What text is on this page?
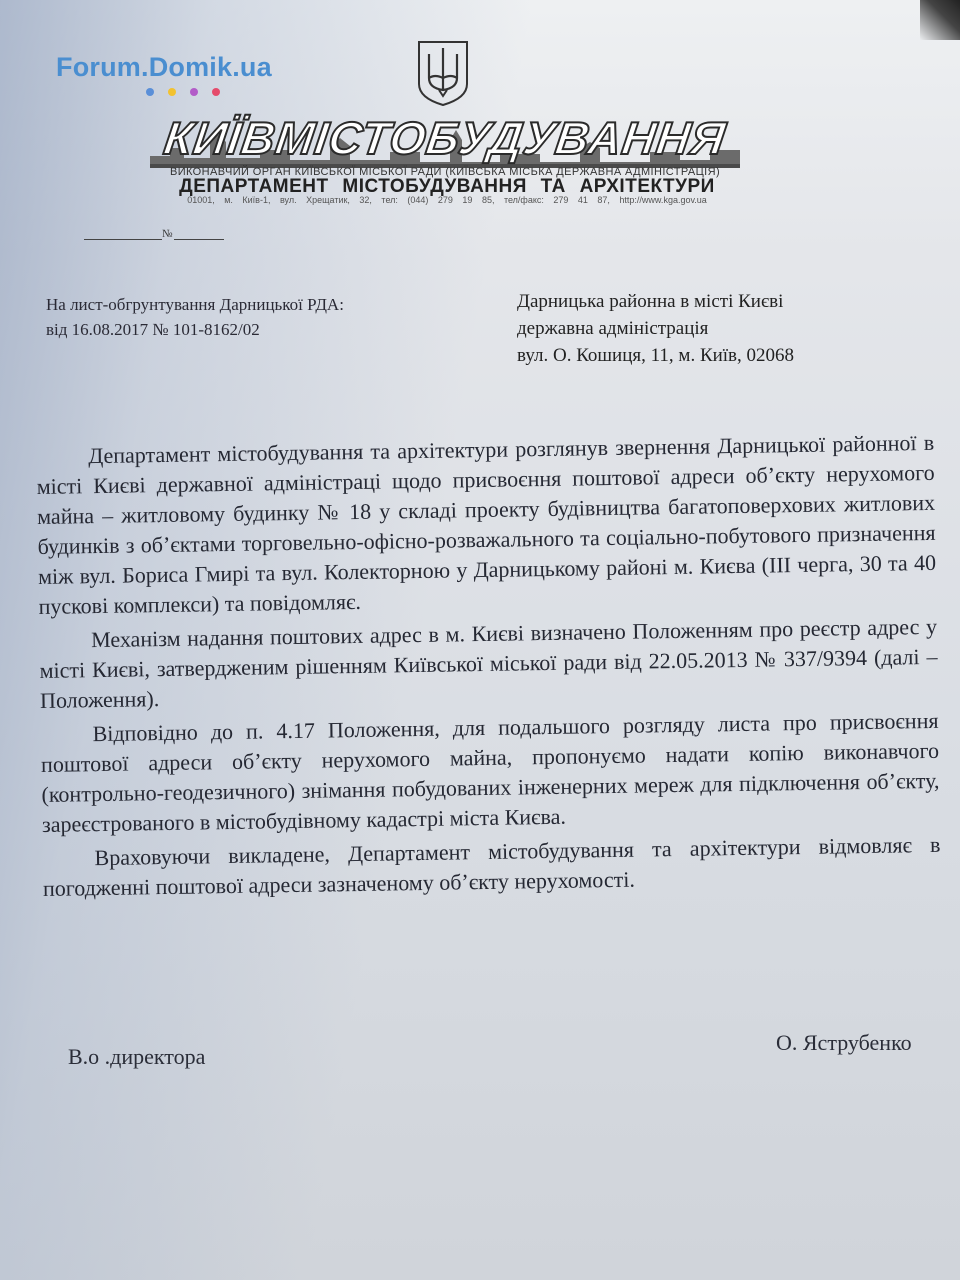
Forum.Domik.ua
КИЇВМІСТОБУДУВАННЯ
ВИКОНАВЧИЙ ОРГАН КИЇВСЬКОЇ МІСЬКОЇ РАДИ (КИЇВСЬКА МІСЬКА ДЕРЖАВНА АДМІНІСТРАЦІЯ)
ДЕПАРТАМЕНТ МІСТОБУДУВАННЯ ТА АРХІТЕКТУРИ
01001, м. Київ-1, вул. Хрещатик, 32, тел: (044) 279 19 85, тел/факс: 279 41 87, http://www.kga.gov.ua
№
На лист-обгрунтування Дарницької РДА:
від 16.08.2017 № 101-8162/02
Дарницька районна в місті Києві
державна адміністрація
вул. О. Кошиця, 11, м. Київ, 02068

Департамент містобудування та архітектури розглянув звернення Дарницької районної в місті Києві державної адміністраці щодо присвоєння поштової адреси об’єкту нерухомого майна – житловому будинку № 18 у складі проекту будівництва багатоповерхових житлових будинків з об’єктами торговельно-офісно-розважального та соціально-побутового призначення між вул. Бориса Гмирі та вул. Колекторною у Дарницькому районі м. Києва (III черга, 30 та 40 пускові комплекси) та повідомляє.

Механізм надання поштових адрес в м. Києві визначено Положенням про реєстр адрес у місті Києві, затвердженим рішенням Київської міської ради від 22.05.2013 № 337/9394 (далі – Положення).

Відповідно до п. 4.17 Положення, для подальшого розгляду листа про присвоєння поштової адреси об’єкту нерухомого майна, пропонуємо надати копію виконавчого (контрольно-геодезичного) знімання побудованих інженерних мереж для підключення об’єкту, зареєстрованого в містобудівному кадастрі міста Києва.

Враховуючи викладене, Департамент містобудування та архітектури відмовляє в погодженні поштової адреси зазначеному об’єкту нерухомості.

В.о .директора
О. Яструбенко
